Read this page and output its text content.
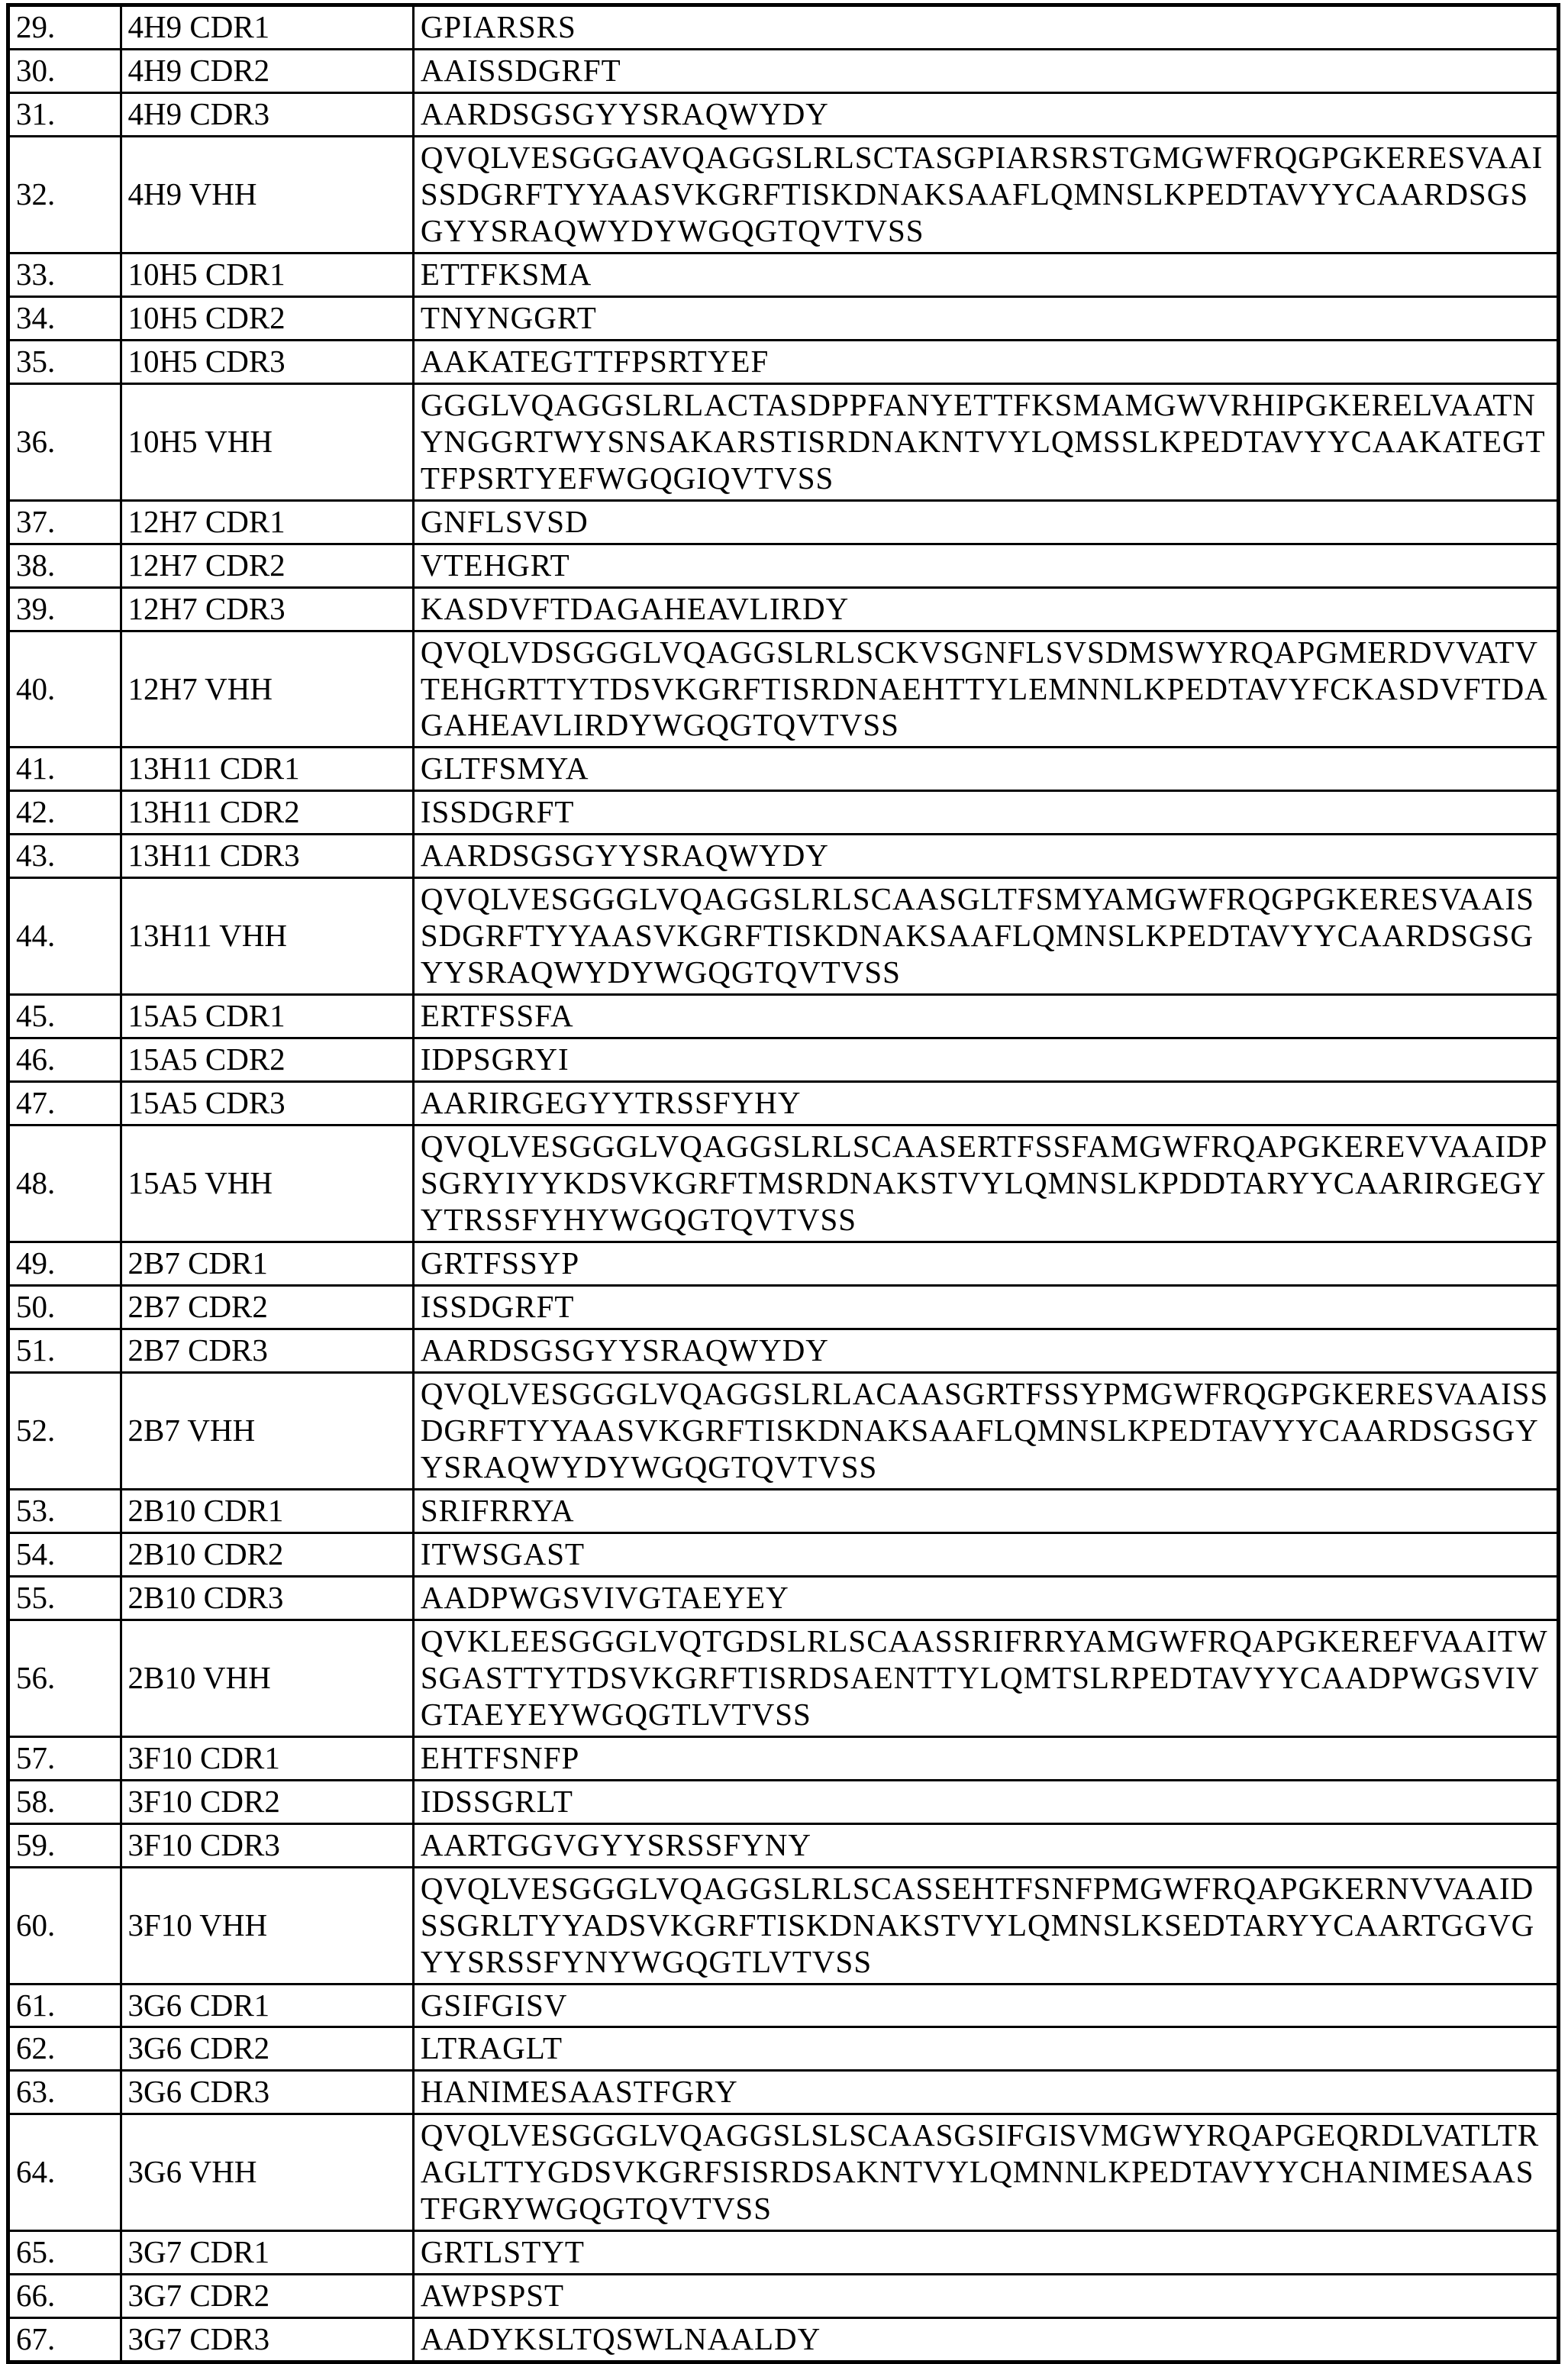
29.	4H9 CDR1	GPIARSRS
30.	4H9 CDR2	AAISSDGRFT
31.	4H9 CDR3	AARDSGSGYYSRAQWYDY
32.	4H9 VHH	QVQLVESGGGAVQAGGSLRLSCTASGPIARSRSTGMGWFRQGPGKERESVAAISSDGRFTYYAASVKGRFTISKDNAKSAAFLQMNSLKPEDTAVYYCAARDSGSGYYSRAQWYDYWGQGTQVTVSS
33.	10H5 CDR1	ETTFKSMA
34.	10H5 CDR2	TNYNGGRT
35.	10H5 CDR3	AAKATEGTTFPSRTYEF
36.	10H5 VHH	GGGLVQAGGSLRLACTASDPPFANYETTFKSMAMGWVRHIPGKERELVAATNYNGGRTWYSNSAKARSTISRDNAKNTVYLQMSSLKPEDTAVYYCAAKATEGTTFPSRTYEFWGQGIQVTVSS
37.	12H7 CDR1	GNFLSVSD
38.	12H7 CDR2	VTEHGRT
39.	12H7 CDR3	KASDVFTDAGAHEAVLIRDY
40.	12H7 VHH	QVQLVDSGGGLVQAGGSLRLSCKVSGNFLSVSDMSWYRQAPGMERDVVATVTEHGRTTYTDSVKGRFTISRDNAEHTTYLEMNNLKPEDTAVYFCKASDVFTDAGAHEAVLIRDYWGQGTQVTVSS
41.	13H11 CDR1	GLTFSMYA
42.	13H11 CDR2	ISSDGRFT
43.	13H11 CDR3	AARDSGSGYYSRAQWYDY
44.	13H11 VHH	QVQLVESGGGLVQAGGSLRLSCAASGLTFSMYAMGWFRQGPGKERESVAAISSDGRFTYYAASVKGRFTISKDNAKSAAFLQMNSLKPEDTAVYYCAARDSGSGYYSRAQWYDYWGQGTQVTVSS
45.	15A5 CDR1	ERTFSSFA
46.	15A5 CDR2	IDPSGRYI
47.	15A5 CDR3	AARIRGEGYYTRSSFYHY
48.	15A5 VHH	QVQLVESGGGLVQAGGSLRLSCAASERTFSSFAMGWFRQAPGKEREVVAAIDPSGRYIYYKDSVKGRFTMSRDNAKSTVYLQMNSLKPDDTARYYCAARIRGEGYYTRSSFYHYWGQGTQVTVSS
49.	2B7 CDR1	GRTFSSYP
50.	2B7 CDR2	ISSDGRFT
51.	2B7 CDR3	AARDSGSGYYSRAQWYDY
52.	2B7 VHH	QVQLVESGGGLVQAGGSLRLACAASGRTFSSYPMGWFRQGPGKERESVAAISSDGRFTYYAASVKGRFTISKDNAKSAAFLQMNSLKPEDTAVYYCAARDSGSGYYSRAQWYDYWGQGTQVTVSS
53.	2B10 CDR1	SRIFRRYA
54.	2B10 CDR2	ITWSGAST
55.	2B10 CDR3	AADPWGSVIVGTAEYEY
56.	2B10 VHH	QVKLEESGGGLVQTGDSLRLSCAASSRIFRRYAMGWFRQAPGKEREFVAAITWSGASTTYTDSVKGRFTISRDSAENTTYLQMTSLRPEDTAVYYCAADPWGSVIVGTAEYEYWGQGTLVTVSS
57.	3F10 CDR1	EHTFSNFP
58.	3F10 CDR2	IDSSGRLT
59.	3F10 CDR3	AARTGGVGYYSRSSFYNY
60.	3F10 VHH	QVQLVESGGGLVQAGGSLRLSCASSEHTFSNFPMGWFRQAPGKERNVVAAIDSSGRLTYYADSVKGRFTISKDNAKSTVYLQMNSLKSEDTARYYCAARTGGVGYYSRSSFYNYWGQGTLVTVSS
61.	3G6 CDR1	GSIFGISV
62.	3G6 CDR2	LTRAGLT
63.	3G6 CDR3	HANIMESAASTFGRY
64.	3G6 VHH	QVQLVESGGGLVQAGGSLSLSCAASGSIFGISVMGWYRQAPGEQRDLVATLTRAGLTTYGDSVKGRFSISRDSAKNTVYLQMNNLKPEDTAVYYCHANIMESAASTFGRYWGQGTQVTVSS
65.	3G7 CDR1	GRTLSTYT
66.	3G7 CDR2	AWPSPST
67.	3G7 CDR3	AADYKSLTQSWLNAALDY
